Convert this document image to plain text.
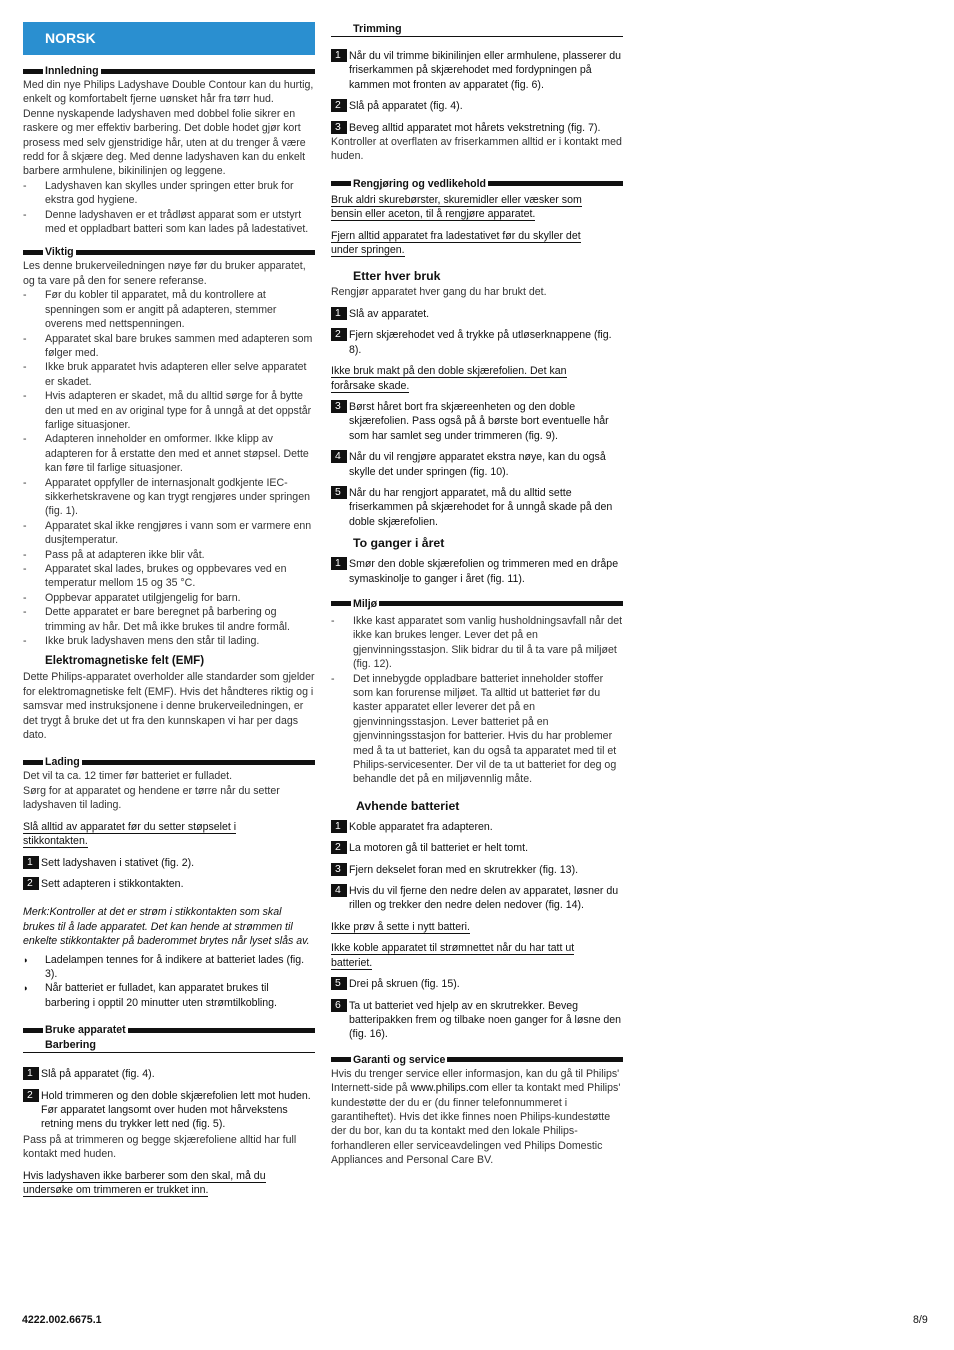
NORSK
Innledning

Med din nye Philips Ladyshave Double Contour kan du hurtig, enkelt og komfortabelt fjerne uønsket hår fra tørr hud.

Denne nyskapende ladyshaven med dobbel folie sikrer en raskere og mer effektiv barbering. Det doble hodet gjør kort prosess med selv gjenstridige hår, uten at du trenger å være redd for å skjære deg. Med denne ladyshaven kan du enkelt barbere armhulene, bikinilinjen og leggene.

-	Ladyshaven kan skylles under springen etter bruk for ekstra god hygiene.
-	Denne ladyshaven er et trådløst apparat som er utstyrt med et oppladbart batteri som kan lades på ladestativet.
Viktig

Les denne brukerveiledningen nøye før du bruker apparatet, og ta vare på den for senere referanse.

-	Før du kobler til apparatet, må du kontrollere at spenningen som er angitt på adapteren, stemmer overens med nettspenningen.
-	Apparatet skal bare brukes sammen med adapteren som følger med.
-	Ikke bruk apparatet hvis adapteren eller selve apparatet er skadet.
-	Hvis adapteren er skadet, må du alltid sørge for å bytte den ut med en av original type for å unngå at det oppstår farlige situasjoner.
-	Adapteren inneholder en omformer. Ikke klipp av adapteren for å erstatte den med et annet støpsel. Dette kan føre til farlige situasjoner.
-	Apparatet oppfyller de internasjonalt godkjente IEC-sikkerhetskravene og kan trygt rengjøres under springen (fig. 1).
-	Apparatet skal ikke rengjøres i vann som er varmere enn dusjtemperatur.
-	Pass på at adapteren ikke blir våt.
-	Apparatet skal lades, brukes og oppbevares ved en temperatur mellom 15 og 35 °C.
-	Oppbevar apparatet utilgjengelig for barn.
-	Dette apparatet er bare beregnet på barbering og trimming av hår. Det må ikke brukes til andre formål.
-	Ikke bruk ladyshaven mens den står til lading.
Elektromagnetiske felt (EMF)

Dette Philips-apparatet overholder alle standarder som gjelder for elektromagnetiske felt (EMF). Hvis det håndteres riktig og i samsvar med instruksjonene i denne brukerveiledningen, er det trygt å bruke det ut fra den kunnskapen vi har per dags dato.

Lading

Det vil ta ca. 12 timer før batteriet er fulladet.

Sørg for at apparatet og hendene er tørre når du setter ladyshaven til lading.

Slå alltid av apparatet før du setter støpselet i
stikkontakten.
1 Sett ladyshaven i stativet (fig. 2).
2 Sett adapteren i stikkontakten.

Merk:Kontroller at det er strøm i stikkontakten som skal brukes til å lade apparatet. Det kan hende at strømmen til enkelte stikkontakter på baderommet brytes når lyset slås av.

◗	Ladelampen tennes for å indikere at batteriet lades (fig. 3).
◗	Når batteriet er fulladet, kan apparatet brukes til barbering i opptil 20 minutter uten strømtilkobling.
Bruke apparatet
Barbering
1 Slå på apparatet (fig. 4).
2 Hold trimmeren og den doble skjærefolien lett mot huden. Før apparatet langsomt over huden mot hårvekstens retning mens du trykker lett ned (fig. 5).

Pass på at trimmeren og begge skjærefoliene alltid har full kontakt med huden.

Hvis ladyshaven ikke barberer som den skal, må du
undersøke om trimmeren er trukket inn.
Trimming
1 Når du vil trimme bikinilinjen eller armhulene, plasserer du friserkammen på skjærehodet med fordypningen på kammen mot fronten av apparatet (fig. 6).
2 Slå på apparatet (fig. 4).
3 Beveg alltid apparatet mot hårets vekstretning (fig. 7).

Kontroller at overflaten av friserkammen alltid er i kontakt med huden.

Rengjøring og vedlikehold
Bruk aldri skurebørster, skuremidler eller væsker som
bensin eller aceton, til å rengjøre apparatet.
Fjern alltid apparatet fra ladestativet før du skyller det
under springen.
Etter hver bruk

Rengjør apparatet hver gang du har brukt det.

1 Slå av apparatet.
2 Fjern skjærehodet ved å trykke på utløserknappene (fig. 8).
Ikke bruk makt på den doble skjærefolien. Det kan
forårsake skade.
3 Børst håret bort fra skjæreenheten og den doble skjærefolien. Pass også på å børste bort eventuelle hår som har samlet seg under trimmeren (fig. 9).
4 Når du vil rengjøre apparatet ekstra nøye, kan du også skylle det under springen (fig. 10).
5 Når du har rengjort apparatet, må du alltid sette friserkammen på skjærehodet for å unngå skade på den doble skjærefolien.
To ganger i året
1 Smør den doble skjærefolien og trimmeren med en dråpe symaskinolje to ganger i året (fig. 11).
Miljø
-	Ikke kast apparatet som vanlig husholdningsavfall når det ikke kan brukes lenger. Lever det på en gjenvinningsstasjon. Slik bidrar du til å ta vare på miljøet (fig. 12).
-	Det innebygde oppladbare batteriet inneholder stoffer som kan forurense miljøet. Ta alltid ut batteriet før du kaster apparatet eller leverer det på en gjenvinningsstasjon. Lever batteriet på en gjenvinningsstasjon for batterier. Hvis du har problemer med å ta ut batteriet, kan du også ta apparatet med til et Philips-servicesenter. Der vil de ta ut batteriet for deg og behandle det på en miljøvennlig måte.
Avhende batteriet
1 Koble apparatet fra adapteren.
2 La motoren gå til batteriet er helt tomt.
3 Fjern dekselet foran med en skrutrekker (fig. 13).
4 Hvis du vil fjerne den nedre delen av apparatet, løsner du rillen og trekker den nedre delen nedover (fig. 14).
Ikke prøv å sette i nytt batteri.
Ikke koble apparatet til strømnettet når du har tatt ut
batteriet.
5 Drei på skruen (fig. 15).
6 Ta ut batteriet ved hjelp av en skrutrekker. Beveg batteripakken frem og tilbake noen ganger for å løsne den (fig. 16).
Garanti og service

Hvis du trenger service eller informasjon, kan du gå til Philips' Internett-side på www.philips.com eller ta kontakt med Philips' kundestøtte der du er (du finner telefonnummeret i garantiheftet). Hvis det ikke finnes noen Philips-kundestøtte der du bor, kan du ta kontakt med den lokale Philips-forhandleren eller serviceavdelingen ved Philips Domestic Appliances and Personal Care BV.

4222.002.6675.1	8/9
